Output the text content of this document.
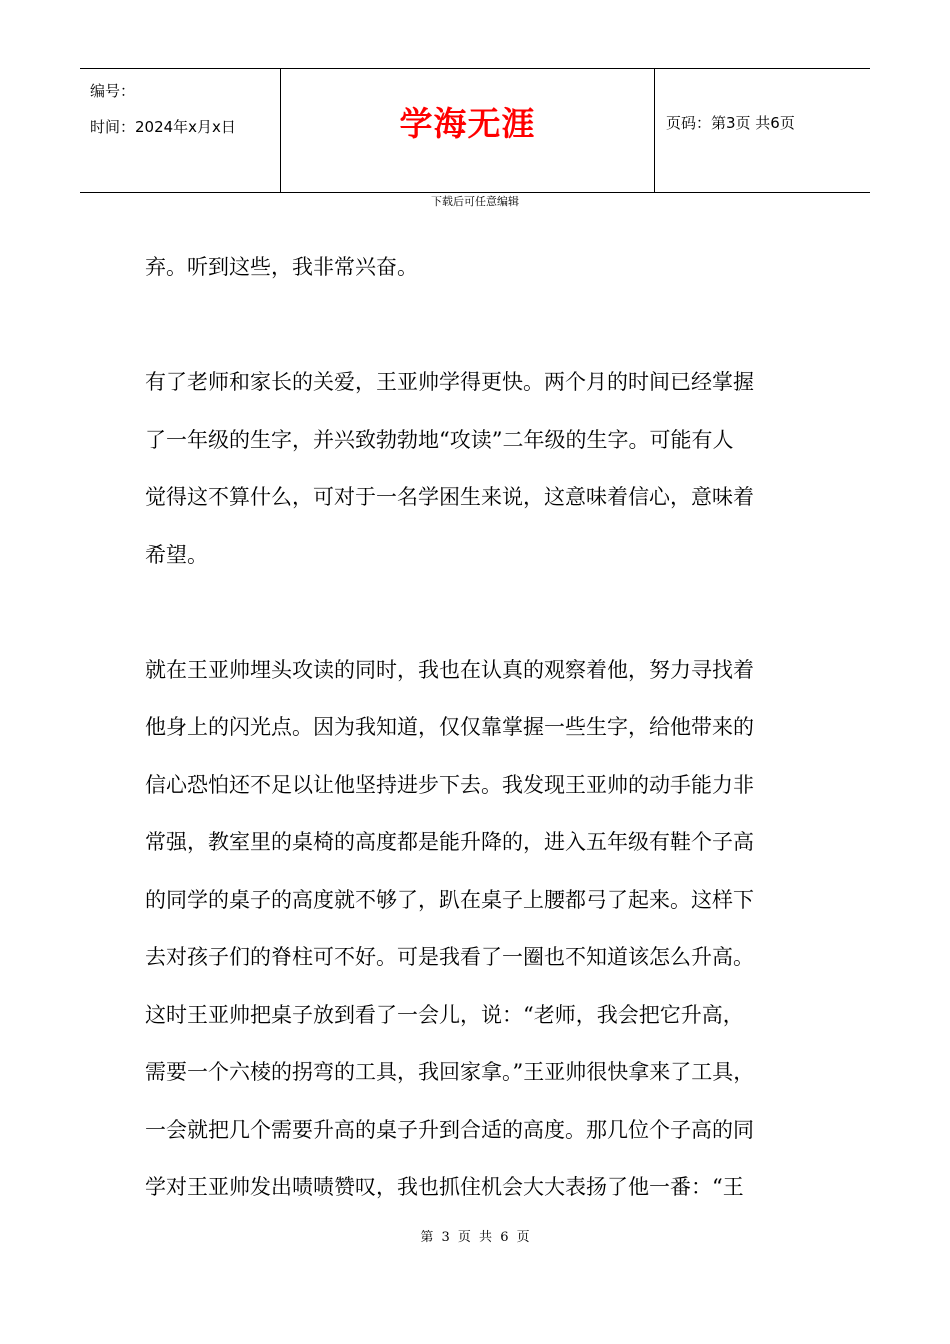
编号：
时间：2024年x月x日	学海无涯	页码：第3页 共6页
下载后可任意编辑
弃。听到这些，我非常兴奋。
有了老师和家长的关爱，王亚帅学得更快。两个月的时间已经掌握
了一年级的生字，并兴致勃勃地“攻读”二年级的生字。可能有人
觉得这不算什么，可对于一名学困生来说，这意味着信心，意味着
希望。
就在王亚帅埋头攻读的同时，我也在认真的观察着他，努力寻找着
他身上的闪光点。因为我知道，仅仅靠掌握一些生字，给他带来的
信心恐怕还不足以让他坚持进步下去。我发现王亚帅的动手能力非
常强，教室里的桌椅的高度都是能升降的，进入五年级有鞋个子高
的同学的桌子的高度就不够了，趴在桌子上腰都弓了起来。这样下
去对孩子们的脊柱可不好。可是我看了一圈也不知道该怎么升高。
这时王亚帅把桌子放到看了一会儿，说：“老师，我会把它升高，
需要一个六棱的拐弯的工具，我回家拿。”王亚帅很快拿来了工具，
一会就把几个需要升高的桌子升到合适的高度。那几位个子高的同
学对王亚帅发出啧啧赞叹，我也抓住机会大大表扬了他一番：“王
第 3 页 共 6 页
